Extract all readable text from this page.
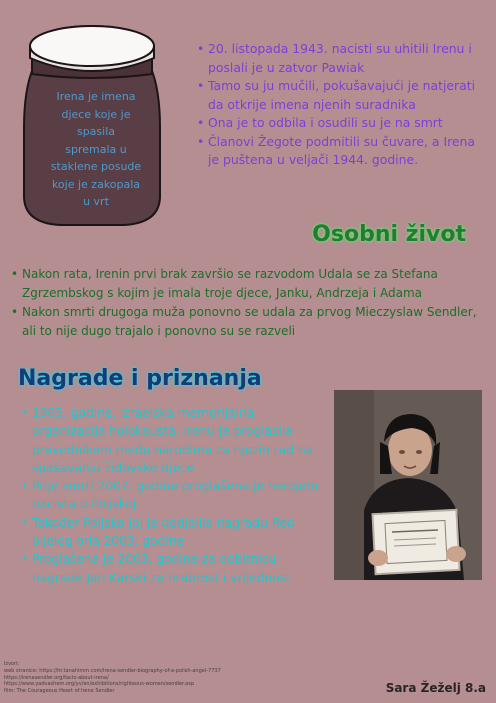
Irena je imena djece koje je spasila spremala u staklene posude koje je zakopala u vrt
• 20. listopada 1943. nacisti su uhitili Irenu i poslali je u zatvor Pawiak
• Tamo su ju mučili, pokušavajući je natjerati da otkrije imena njenih suradnika
• Ona je to odbila i osudili su je na smrt
• Članovi Žegote podmitili su čuvare, a Irena je puštena u veljači 1944. godine.
Osobni život
• Nakon rata, Irenin prvi brak završio se razvodom Udala se za Stefana Zgrzembskog s kojim je imala troje djece, Janku, Andrzeja i Adama
• Nakon smrti drugoga muža ponovno se udala za prvog Mieczyslaw Sendler, ali to nije dugo trajalo i ponovno su se razveli
Nagrade i priznanja
• 1965. godine, izraelska memorijalna organizacija holokausta, Irenu je proglasila pravednikom među narodima za njezin rad na spašavanju židovske djece
• Prije smrti 2007. godine proglašena je herojem nacista u Poljskoj
• Također Poljska joj je dodjelila nagradu Red bijelog orla 2003. godine
• Proglašena je 2003. godine za dobitnicu nagrade Jan Karski za hrabrost i vrijednost
Izvori:
web stranice: https://hr.tanahimm.com/irena-sendler-biography-of-a-polish-angel-7737
https://irenasendler.org/facts-about-irena/
https://www.yadvashem.org/yv/en/exhibitions/righteous-women/sendler.asp
film: The Courageous Heart of Irene Sendler	Sara Žeželj 8.a
